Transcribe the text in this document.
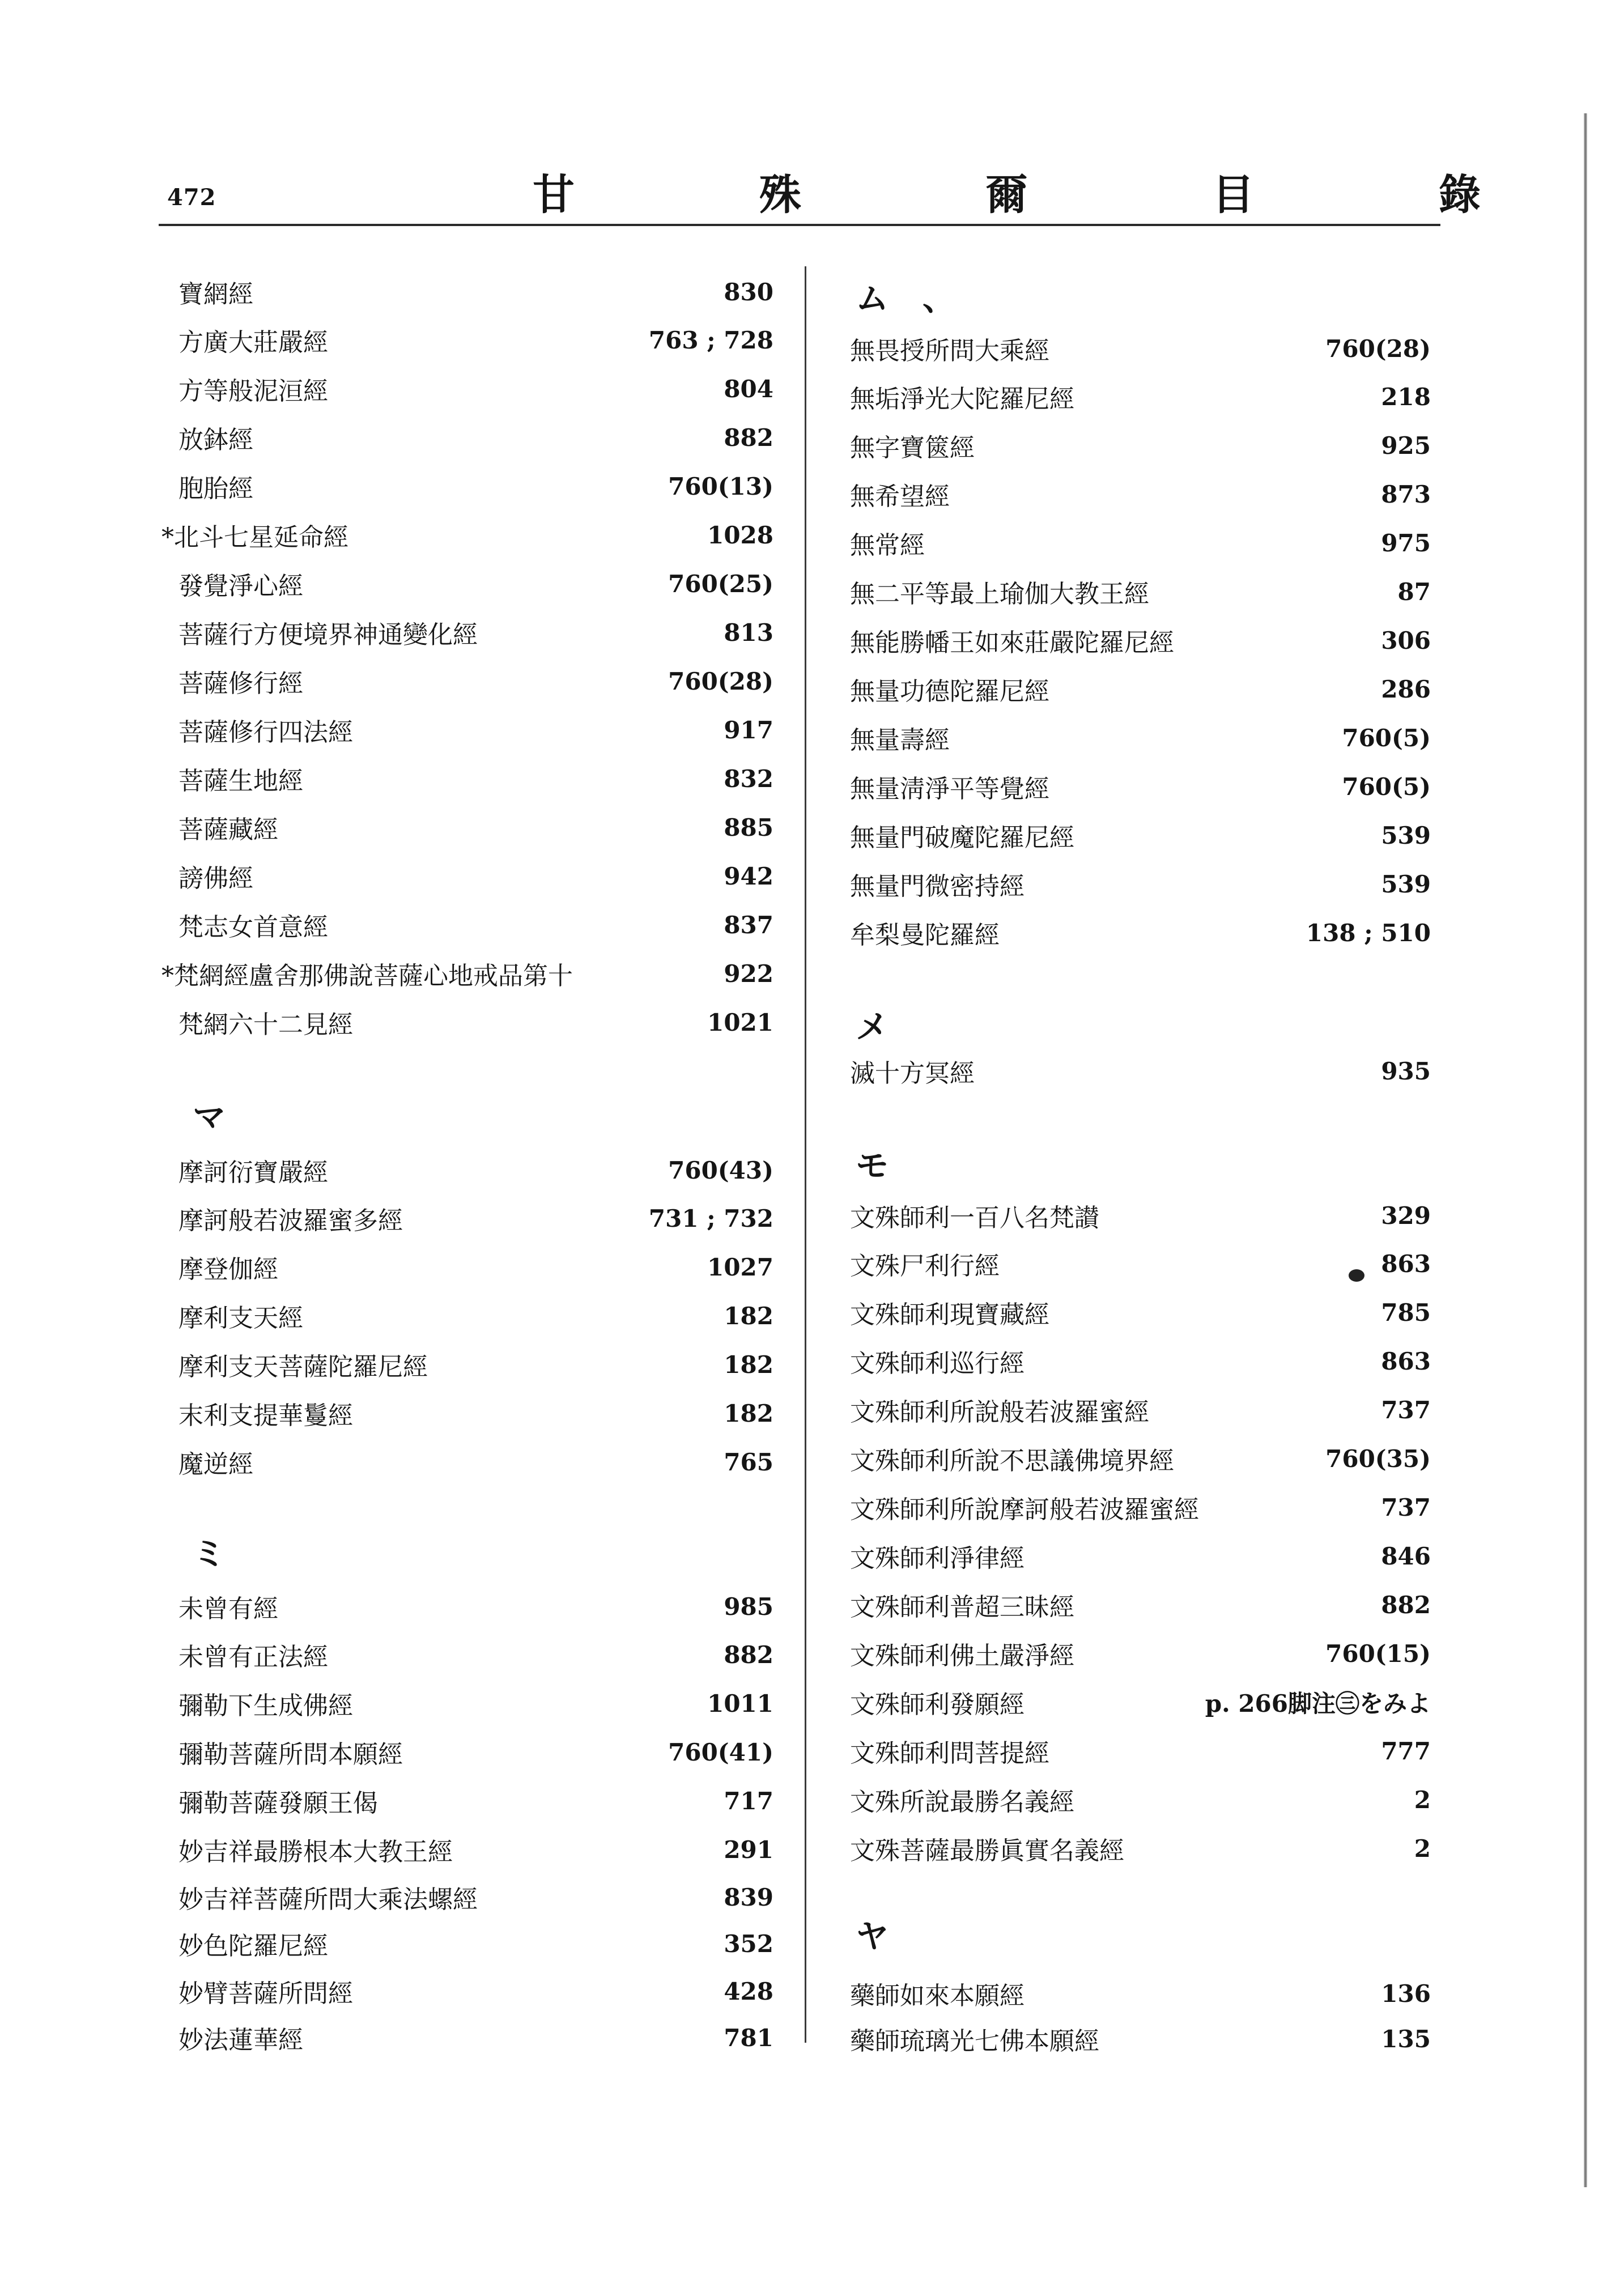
472	甘 殊 爾 目 錄
寶網經	830
方廣大莊嚴經	763 ; 728
方等般泥洹經	804
放鉢經	882
胞胎經	760(13)
*北斗七星延命經	1028
發覺淨心經	760(25)
菩薩行方便境界神通變化經	813
菩薩修行經	760(28)
菩薩修行四法經	917
菩薩生地經	832
菩薩藏經	885
謗佛經	942
梵志女首意經	837
*梵網經盧舍那佛說菩薩心地戒品第十	922
梵網六十二見經	1021
マ
摩訶衍寶嚴經	760(43)
摩訶般若波羅蜜多經	731 ; 732
摩登伽經	1027
摩利支天經	182
摩利支天菩薩陀羅尼經	182
末利支提華鬘經	182
魔逆經	765
ミ
未曾有經	985
未曾有正法經	882
彌勒下生成佛經	1011
彌勒菩薩所問本願經	760(41)
彌勒菩薩發願王偈	717
妙吉祥最勝根本大教王經	291
妙吉祥菩薩所問大乘法螺經	839
妙色陀羅尼經	352
妙臂菩薩所問經	428
妙法蓮華經	781
ム 、
無畏授所問大乘經	760(28)
無垢淨光大陀羅尼經	218
無字寶篋經	925
無希望經	873
無常經	975
無二平等最上瑜伽大教王經	87
無能勝幡王如來莊嚴陀羅尼經	306
無量功德陀羅尼經	286
無量壽經	760(5)
無量淸淨平等覺經	760(5)
無量門破魔陀羅尼經	539
無量門微密持經	539
牟梨曼陀羅經	138 ; 510
メ
滅十方冥經	935
モ
文殊師利一百八名梵讃	329
文殊尸利行經	863
文殊師利現寶藏經	785
文殊師利巡行經	863
文殊師利所說般若波羅蜜經	737
文殊師利所說不思議佛境界經	760(35)
文殊師利所說摩訶般若波羅蜜經	737
文殊師利淨律經	846
文殊師利普超三昧經	882
文殊師利佛土嚴淨經	760(15)
文殊師利發願經	p. 266脚注㊂をみよ
文殊師利問菩提經	777
文殊所說最勝名義經	2
文殊菩薩最勝眞實名義經	2
ヤ
藥師如來本願經	136
藥師琉璃光七佛本願經	135
